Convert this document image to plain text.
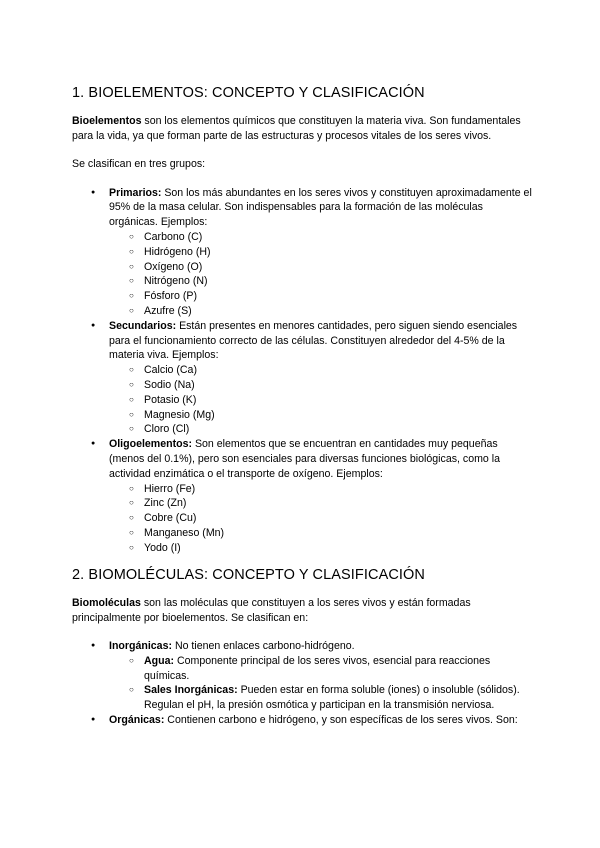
1. BIOELEMENTOS: CONCEPTO Y CLASIFICACIÓN

Bioelementos son los elementos químicos que constituyen la materia viva. Son fundamentales para la vida, ya que forman parte de las estructuras y procesos vitales de los seres vivos.

Se clasifican en tres grupos:

● Primarios: Son los más abundantes en los seres vivos y constituyen aproximadamente el 95% de la masa celular. Son indispensables para la formación de las moléculas orgánicas. Ejemplos:
○ Carbono (C)
○ Hidrógeno (H)
○ Oxígeno (O)
○ Nitrógeno (N)
○ Fósforo (P)
○ Azufre (S)
● Secundarios: Están presentes en menores cantidades, pero siguen siendo esenciales para el funcionamiento correcto de las células. Constituyen alrededor del 4-5% de la materia viva. Ejemplos:
○ Calcio (Ca)
○ Sodio (Na)
○ Potasio (K)
○ Magnesio (Mg)
○ Cloro (Cl)
● Oligoelementos: Son elementos que se encuentran en cantidades muy pequeñas (menos del 0.1%), pero son esenciales para diversas funciones biológicas, como la actividad enzimática o el transporte de oxígeno. Ejemplos:
○ Hierro (Fe)
○ Zinc (Zn)
○ Cobre (Cu)
○ Manganeso (Mn)
○ Yodo (I)
2. BIOMOLÉCULAS: CONCEPTO Y CLASIFICACIÓN

Biomoléculas son las moléculas que constituyen a los seres vivos y están formadas principalmente por bioelementos. Se clasifican en:

● Inorgánicas: No tienen enlaces carbono-hidrógeno.
○ Agua: Componente principal de los seres vivos, esencial para reacciones químicas.
○ Sales Inorgánicas: Pueden estar en forma soluble (iones) o insoluble (sólidos). Regulan el pH, la presión osmótica y participan en la transmisión nerviosa.
● Orgánicas: Contienen carbono e hidrógeno, y son específicas de los seres vivos. Son:
